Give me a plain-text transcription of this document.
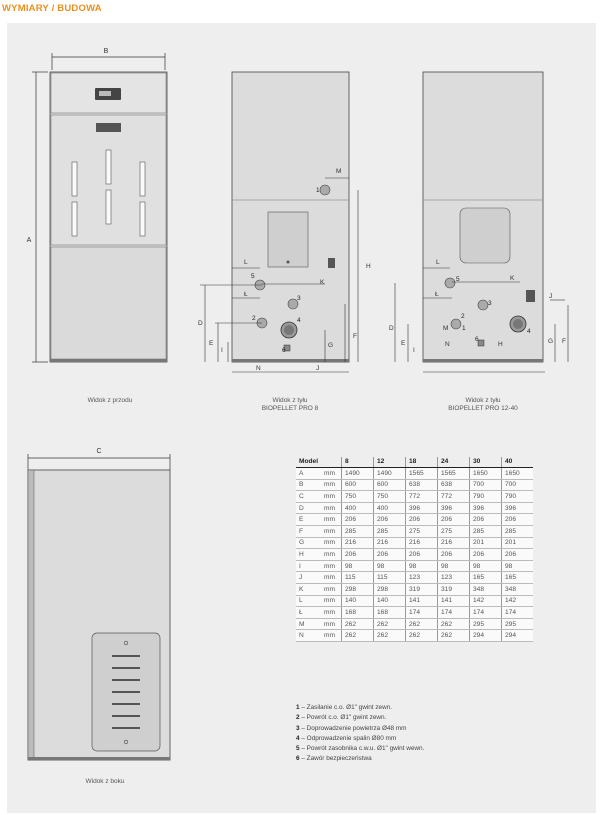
WYMIARY / BUDOWA
B
A
Widok z przodu
M
H
L
K
Ł
D
E
I
G
F
N	J
1
5
3
2	4
6
Widok z tyłu
BIOPELLET PRO 8
L
K
Ł	J
D
E
M
N	H	G F
I
5
3
2
1	4
6
Widok z tyłu
BIOPELLET PRO 12-40
C
Widok z boku
Model		8	12	18	24	30	40
A	mm	1490	1490	1565	1565	1650	1650
B	mm	600	600	638	638	700	700
C	mm	750	750	772	772	790	790
D	mm	400	400	396	396	396	396
E	mm	206	206	206	206	206	206
F	mm	285	285	275	275	285	285
G	mm	216	216	216	216	201	201
H	mm	206	206	206	206	206	206
I	mm	98	98	98	98	98	98
J	mm	115	115	123	123	165	165
K	mm	298	298	319	319	348	348
L	mm	140	140	141	141	142	142
Ł	mm	168	168	174	174	174	174
M	mm	262	262	262	262	295	295
N	mm	262	262	262	262	294	294
1 – Zasilanie c.o. Ø1" gwint zewn.
2 – Powrót c.o. Ø1" gwint zewn.
3 – Doprowadzenie powietrza Ø48 mm
4 – Odprowadzenie spalin Ø80 mm
5 – Powrót zasobnika c.w.u. Ø1" gwint wewn.
6 – Zawór bezpieczeństwa
